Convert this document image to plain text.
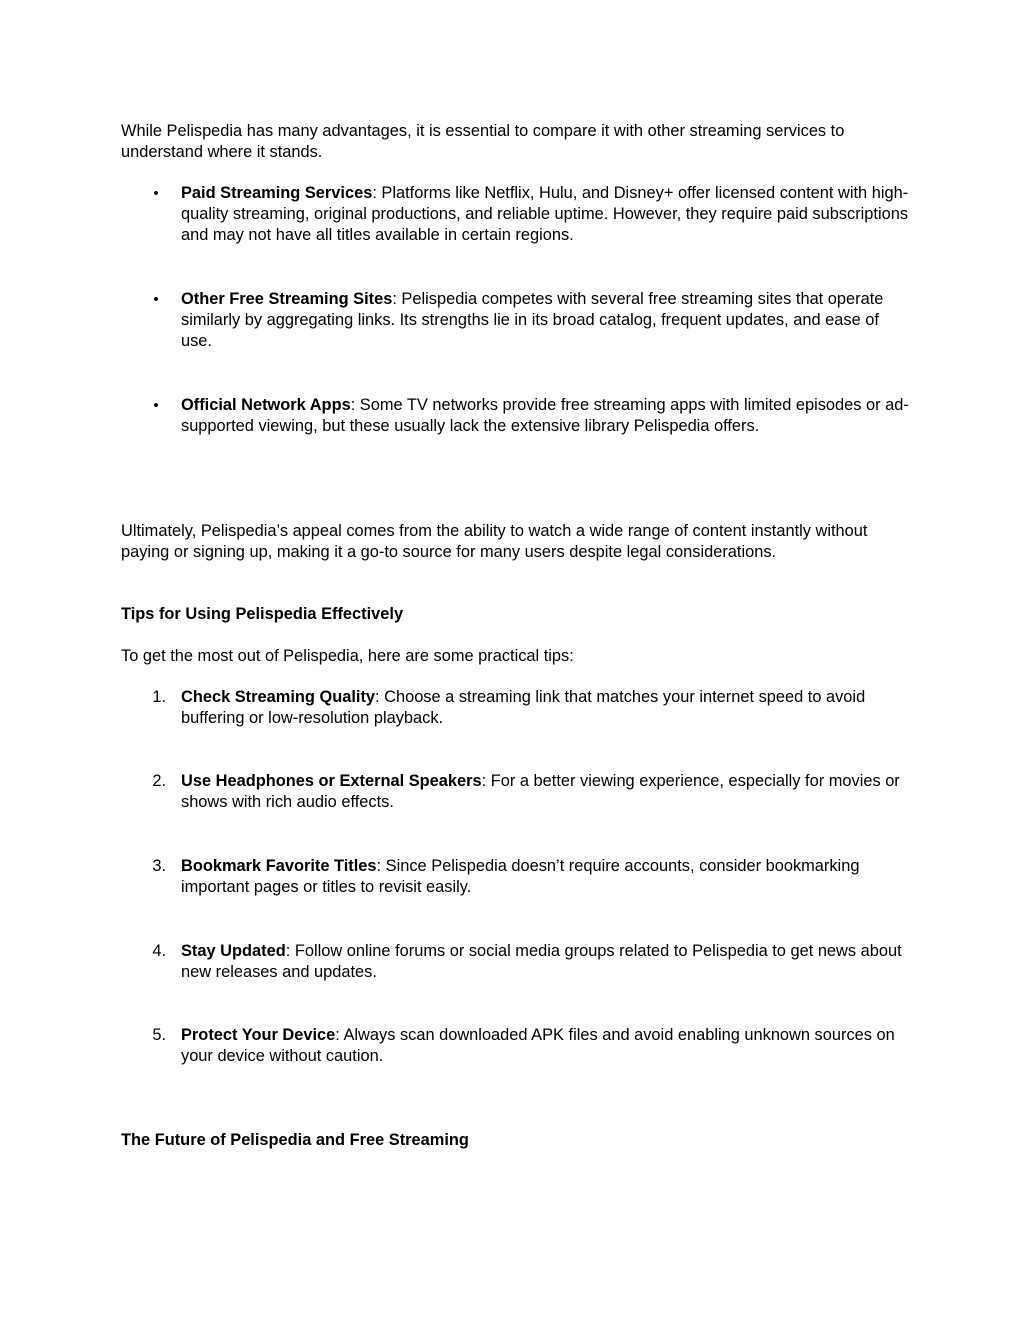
While Pelispedia has many advantages, it is essential to compare it with other streaming services to understand where it stands.

• Paid Streaming Services: Platforms like Netflix, Hulu, and Disney+ offer licensed content with high-quality streaming, original productions, and reliable uptime. However, they require paid subscriptions and may not have all titles available in certain regions.

• Other Free Streaming Sites: Pelispedia competes with several free streaming sites that operate similarly by aggregating links. Its strengths lie in its broad catalog, frequent updates, and ease of use.

• Official Network Apps: Some TV networks provide free streaming apps with limited episodes or ad-supported viewing, but these usually lack the extensive library Pelispedia offers.

Ultimately, Pelispedia’s appeal comes from the ability to watch a wide range of content instantly without paying or signing up, making it a go-to source for many users despite legal considerations.

Tips for Using Pelispedia Effectively

To get the most out of Pelispedia, here are some practical tips:

1. Check Streaming Quality: Choose a streaming link that matches your internet speed to avoid buffering or low-resolution playback.

2. Use Headphones or External Speakers: For a better viewing experience, especially for movies or shows with rich audio effects.

3. Bookmark Favorite Titles: Since Pelispedia doesn’t require accounts, consider bookmarking important pages or titles to revisit easily.

4. Stay Updated: Follow online forums or social media groups related to Pelispedia to get news about new releases and updates.

5. Protect Your Device: Always scan downloaded APK files and avoid enabling unknown sources on your device without caution.

The Future of Pelispedia and Free Streaming
